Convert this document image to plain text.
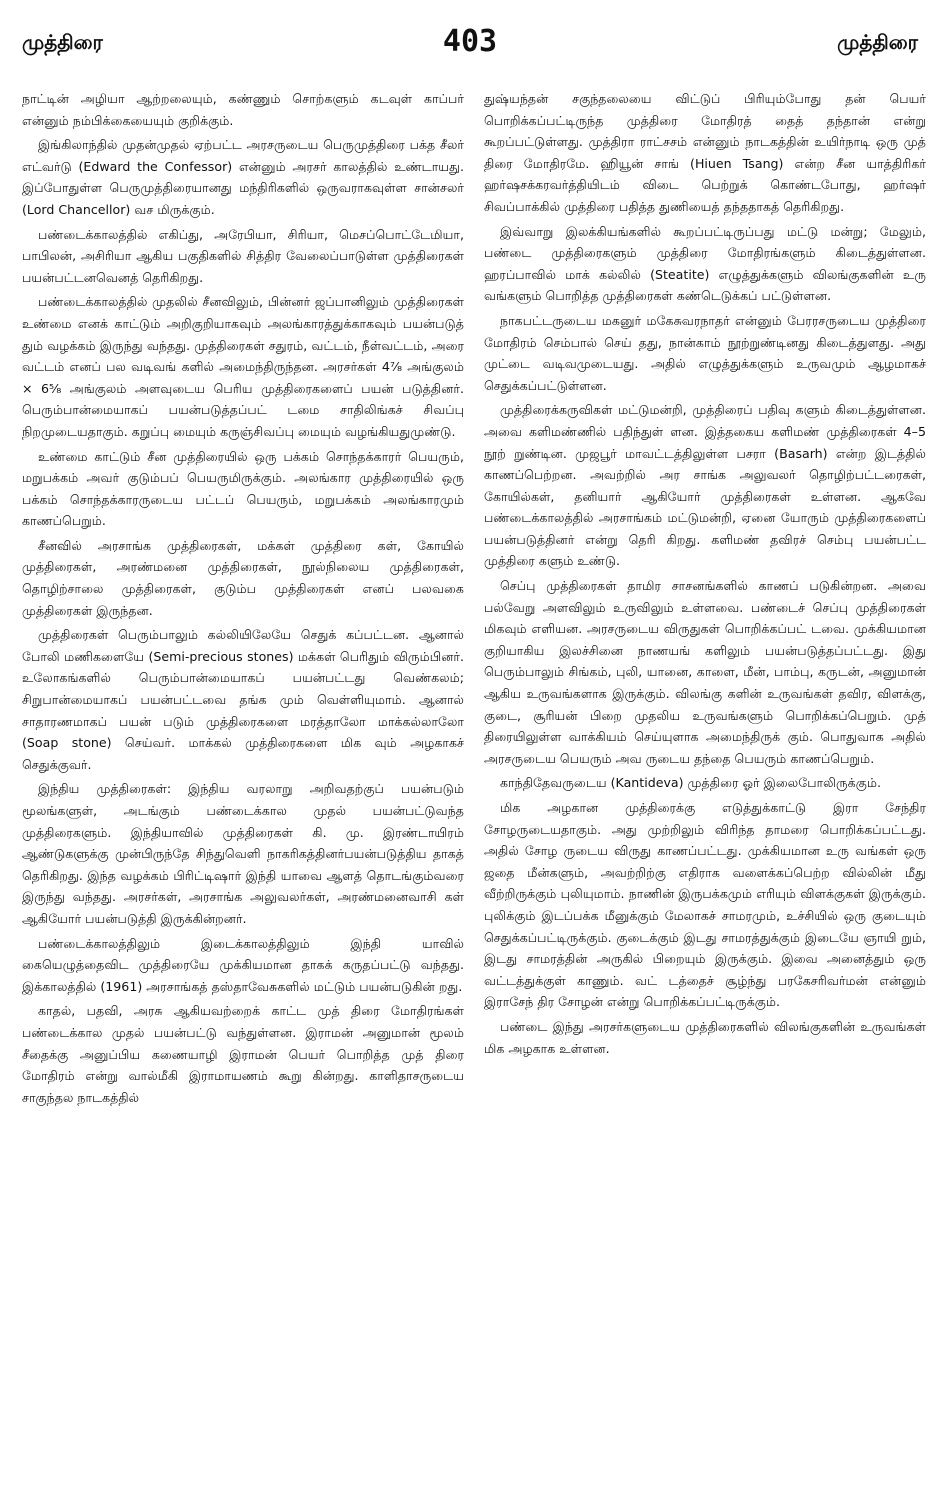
முத்திரை	403	முத்திரை

நாட்டின் அழியா ஆற்றலையும், கண்ணும் சொற்களும் கடவுள் காப்பர் என்னும் நம்பிக்கையையும் குறிக்கும்.

இங்கிலாந்தில் முதன்முதல் ஏற்பட்ட அரசருடைய பெருமுத்திரை பக்த சீலர் எட்வர்டு (Edward the Confessor) என்னும் அரசர் காலத்தில் உண்டாயது. இப்போதுள்ள பெருமுத்திரையானது மந்திரிகளில் ஒருவராகவுள்ள சான்சலர் (Lord Chancellor) வச மிருக்கும்.

பண்டைக்காலத்தில் எகிப்து, அரேபியா, சிரியா, மெசப்பொட்டேமியா, பாபிலன், அசிரியா ஆகிய பகுதிகளில் சித்திர வேலைப்பாடுள்ள முத்திரைகள் பயன்பட்டனவெனத் தெரிகிறது.

பண்டைக்காலத்தில் முதலில் சீனவிலும், பின்னர் ஜப்பானிலும் முத்திரைகள் உண்மை எனக் காட்டும் அறிகுறியாகவும் அலங்காரத்துக்காகவும் பயன்படுத் தும் வழக்கம் இருந்து வந்தது. முத்திரைகள் சதுரம், வட்டம், நீள்வட்டம், அரை வட்டம் எனப் பல வடிவங் களில் அமைந்திருந்தன. அரசர்கள் 4⁷⁄₈ அங்குலம் × 6⁵⁄₈ அங்குலம் அளவுடைய பெரிய முத்திரைகளைப் பயன் படுத்தினர். பெரும்பான்மையாகப் பயன்படுத்தப்பட் டமை சாதிலிங்கச் சிவப்பு நிறமுடையதாகும். கறுப்பு மையும் கருஞ்சிவப்பு மையும் வழங்கியதுமுண்டு.

உண்மை காட்டும் சீன முத்திரையில் ஒரு பக்கம் சொந்தக்காரர் பெயரும், மறுபக்கம் அவர் குடும்பப் பெயருமிருக்கும். அலங்கார முத்திரையில் ஒரு பக்கம் சொந்தக்காரருடைய பட்டப் பெயரும், மறுபக்கம் அலங்காரமும் காணப்பெறும்.

சீனவில் அரசாங்க முத்திரைகள், மக்கள் முத்திரை கள், கோயில் முத்திரைகள், அரண்மனை முத்திரைகள், நூல்நிலைய முத்திரைகள், தொழிற்சாலை முத்திரைகள், குடும்ப முத்திரைகள் எனப் பலவகை முத்திரைகள் இருந்தன.

முத்திரைகள் பெரும்பாலும் கல்லியிலேயே செதுக் கப்பட்டன. ஆனால் போலி மணிகளையே (Semi-precious stones) மக்கள் பெரிதும் விரும்பினர். உலோகங்களில் பெரும்பான்மையாகப் பயன்பட்டது வெண்கலம்; சிறுபான்மையாகப் பயன்பட்டவை தங்க மும் வெள்ளியுமாம். ஆனால் சாதாரணமாகப் பயன் படும் முத்திரைகளை மரத்தாலோ மாக்கல்லாலோ (Soap stone) செய்வர். மாக்கல் முத்திரைகளை மிக வும் அழகாகச் செதுக்குவர்.

இந்திய முத்திரைகள்: இந்திய வரலாறு அறிவதற்குப் பயன்படும் மூலங்களுள், அடங்கும் பண்டைக்கால முதல் பயன்பட்டுவந்த முத்திரைகளும். இந்தியாவில் முத்திரைகள் கி. மு. இரண்டாயிரம் ஆண்டுகளுக்கு முன்பிருந்தே சிந்துவெளி நாகரிகத்தினர்பயன்படுத்திய தாகத் தெரிகிறது. இந்த வழக்கம் பிரிட்டிஷார் இந்தி யாவை ஆளத் தொடங்கும்வரை இருந்து வந்தது. அரசர்கள், அரசாங்க அலுவலர்கள், அரண்மனைவாசி கள் ஆகியோர் பயன்படுத்தி இருக்கின்றனர்.

பண்டைக்காலத்திலும் இடைக்காலத்திலும் இந்தி யாவில் கையெழுத்தைவிட முத்திரையே முக்கியமான தாகக் கருதப்பட்டு வந்தது. இக்காலத்தில் (1961) அரசாங்கத் தஸ்தாவேசுகளில் மட்டும் பயன்படுகின் றது.

காதல், பதவி, அரசு ஆகியவற்றைக் காட்ட முத் திரை மோதிரங்கள் பண்டைக்கால முதல் பயன்பட்டு வந்துள்ளன. இராமன் அனுமான் மூலம் சீதைக்கு அனுப்பிய கணையாழி இராமன் பெயர் பொறித்த முத் திரை மோதிரம் என்று வால்மீகி இராமாயணம் கூறு கின்றது. காளிதாசருடைய சாகுந்தல நாடகத்தில்

துஷ்யந்தன் சகுந்தலையை விட்டுப் பிரியும்போது தன் பெயர் பொறிக்கப்பட்டிருந்த முத்திரை மோதிரத் தைத் தந்தான் என்று கூறப்பட்டுள்ளது. முத்திரா ராட்சசம் என்னும் நாடகத்தின் உயிர்நாடி ஒரு முத் திரை மோதிரமே. ஹியூன் சாங் (Hiuen Tsang) என்ற சீன யாத்திரிகர் ஹர்ஷசக்கரவர்த்தியிடம் விடை பெற்றுக் கொண்டபோது, ஹர்ஷர் சிவப்பாக்கில் முத்திரை பதித்த துணியைத் தந்ததாகத் தெரிகிறது.

இவ்வாறு இலக்கியங்களில் கூறப்பட்டிருப்பது மட்டு மன்று; மேலும், பண்டை முத்திரைகளும் முத்திரை மோதிரங்களும் கிடைத்துள்ளன. ஹரப்பாவில் மாக் கல்லில் (Steatite) எழுத்துக்களும் விலங்குகளின் உரு வங்களும் பொறித்த முத்திரைகள் கண்டெடுக்கப் பட்டுள்ளன.

நாகபட்டருடைய மகனுர் மகேசுவரநாதர் என்னும் பேரரசருடைய முத்திரை மோதிரம் செம்பால் செய் தது, நான்காம் நூற்றுண்டினது கிடைத்துளது. அது முட்டை வடிவமுடையது. அதில் எழுத்துக்களும் உருவமும் ஆழமாகச் செதுக்கப்பட்டுள்ளன.

முத்திரைக்கருவிகள் மட்டுமன்றி, முத்திரைப் பதிவு களும் கிடைத்துள்ளன. அவை களிமண்ணில் பதிந்துள் ளன. இத்தகைய களிமண் முத்திரைகள் 4–5 நூற் றுண்டின. முஜபூர் மாவட்டத்திலுள்ள பசரா (Basarh) என்ற இடத்தில் காணப்பெற்றன. அவற்றில் அர சாங்க அலுவலர் தொழிற்பட்டரைகள், கோயில்கள், தனியார் ஆகியோர் முத்திரைகள் உள்ளன. ஆகவே பண்டைக்காலத்தில் அரசாங்கம் மட்டுமன்றி, ஏனை யோரும் முத்திரைகளைப் பயன்படுத்தினர் என்று தெரி கிறது. களிமண் தவிரச் செம்பு பயன்பட்ட முத்திரை களும் உண்டு.

செப்பு முத்திரைகள் தாமிர சாசனங்களில் காணப் படுகின்றன. அவை பல்வேறு அளவிலும் உருவிலும் உள்ளவை. பண்டைச் செப்பு முத்திரைகள் மிகவும் எளியன. அரசருடைய விருதுகள் பொறிக்கப்பட் டவை. முக்கியமான குறியாகிய இலச்சினை நாணயங் களிலும் பயன்படுத்தப்பட்டது. இது பெரும்பாலும் சிங்கம், புலி, யானை, காளை, மீன், பாம்பு, கருடன், அனுமான் ஆகிய உருவங்களாக இருக்கும். விலங்கு களின் உருவங்கள் தவிர, விளக்கு, குடை, சூரியன் பிறை முதலிய உருவங்களும் பொறிக்கப்பெறும். முத் திரையிலுள்ள வாக்கியம் செய்யுளாக அமைந்திருக் கும். பொதுவாக அதில் அரசருடைய பெயரும் அவ ருடைய தந்தை பெயரும் காணப்பெறும்.

காந்திதேவருடைய (Kantideva) முத்திரை ஓர் இலைபோலிருக்கும்.

மிக அழகான முத்திரைக்கு எடுத்துக்காட்டு இரா சேந்திர சோழருடையதாகும். அது முற்றிலும் விரிந்த தாமரை பொறிக்கப்பட்டது. அதில் சோழ ருடைய விருது காணப்பட்டது. முக்கியமான உரு வங்கள் ஒரு ஜதை மீன்களும், அவற்றிற்கு எதிராக வளைக்கப்பெற்ற வில்லின் மீது வீற்றிருக்கும் புலியுமாம். நாணின் இருபக்கமும் எரியும் விளக்குகள் இருக்கும். புலிக்கும் இடப்பக்க மீனுக்கும் மேலாகச் சாமரமும், உச்சியில் ஒரு குடையும் செதுக்கப்பட்டிருக்கும். குடைக்கும் இடது சாமரத்துக்கும் இடையே ஞாயி றும், இடது சாமரத்தின் அருகில் பிறையும் இருக்கும். இவை அனைத்தும் ஒரு வட்டத்துக்குள் காணும். வட் டத்தைச் சூழ்ந்து பரகேசரிவர்மன் என்னும் இராசேந் திர சோழன் என்று பொறிக்கப்பட்டிருக்கும்.

பண்டை இந்து அரசர்களுடைய முத்திரைகளில் விலங்குகளின் உருவங்கள் மிக அழகாக உள்ளன.
